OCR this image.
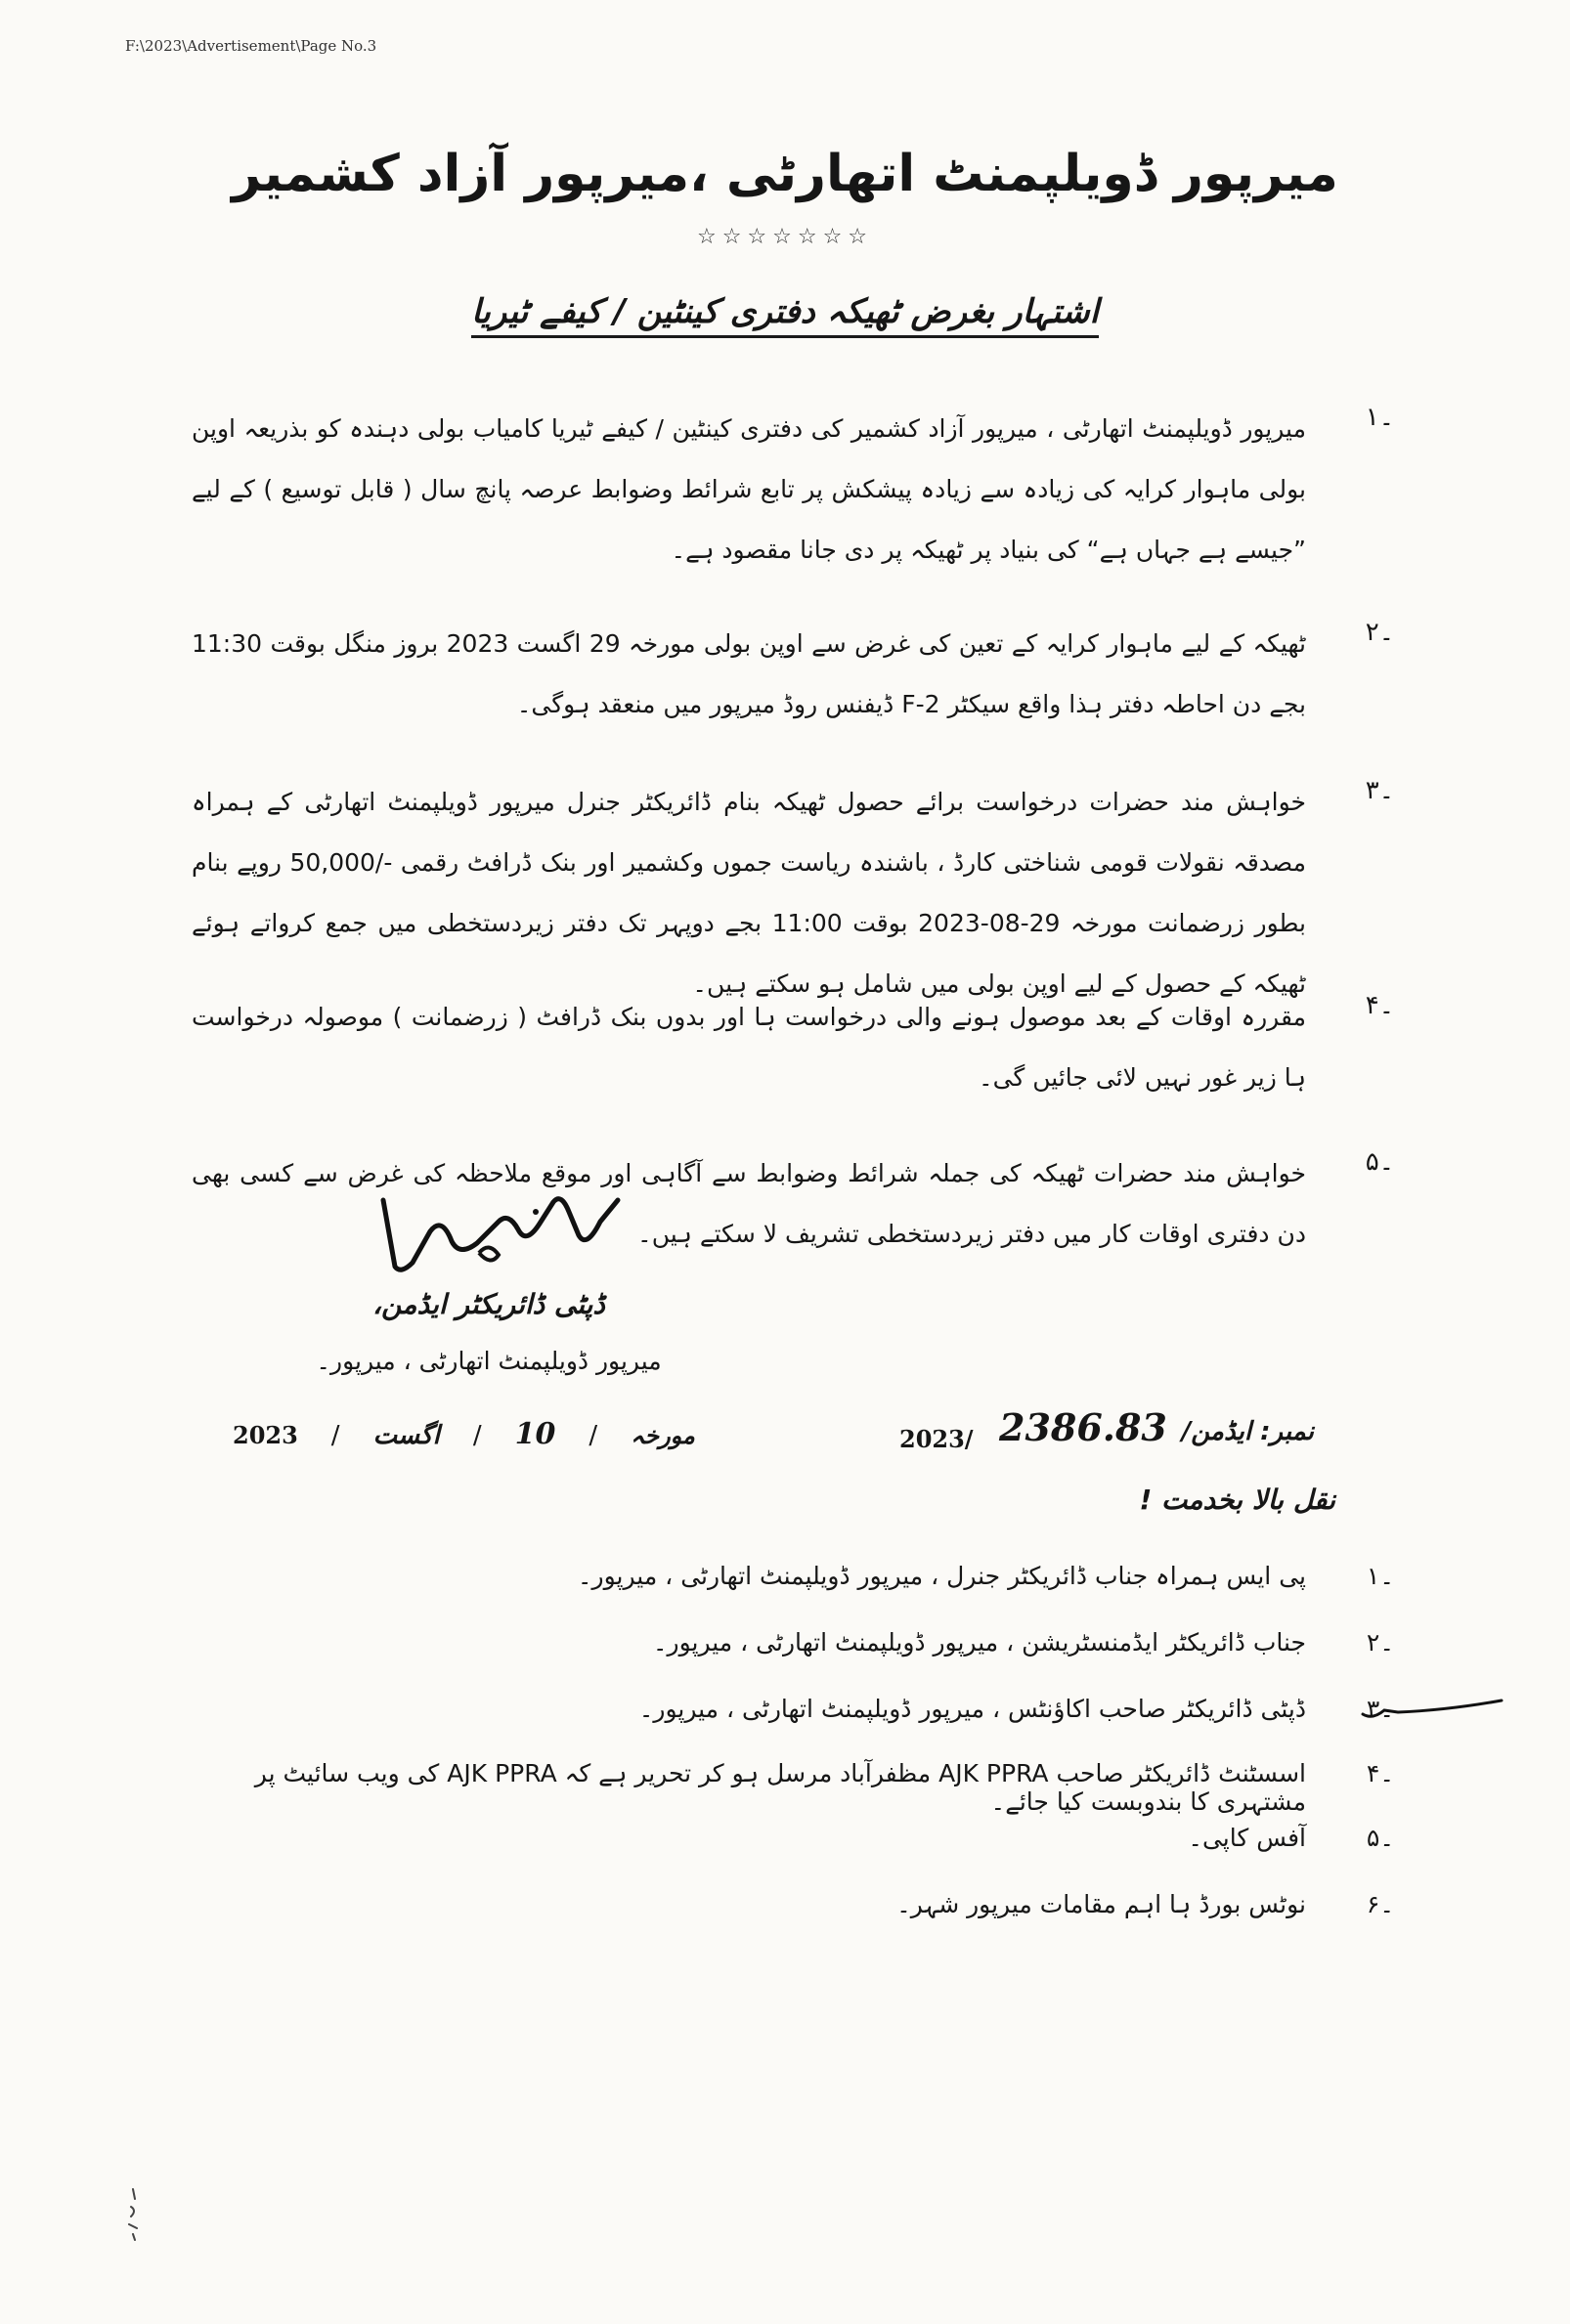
F:\2023\Advertisement\Page No.3
میرپور ڈویلپمنٹ اتھارٹی ،میرپور آزاد کشمیر
☆☆☆☆☆☆☆
اشتہار بغرض ٹھیکہ دفتری کینٹین / کیفے ٹیریا
۱۔
میرپور ڈویلپمنٹ اتھارٹی ، میرپور آزاد کشمیر کی دفتری کینٹین / کیفے ٹیریا کامیاب بولی دہندہ کو بذریعہ اوپن بولی ماہوار کرایہ کی زیادہ سے زیادہ پیشکش پر تابع شرائط وضوابط عرصہ پانچ سال ( قابل توسیع ) کے لیے ”جیسے ہے جہاں ہے“ کی بنیاد پر ٹھیکہ پر دی جانا مقصود ہے۔
۲۔
ٹھیکہ کے لیے ماہوار کرایہ کے تعین کی غرض سے اوپن بولی مورخہ 29 اگست 2023 بروز منگل بوقت 11:30 بجے دن احاطہ دفتر ہذا واقع سیکٹر F-2 ڈیفنس روڈ میرپور میں منعقد ہوگی۔
۳۔
خواہش مند حضرات درخواست برائے حصول ٹھیکہ بنام ڈائریکٹر جنرل میرپور ڈویلپمنٹ اتھارٹی کے ہمراہ مصدقہ نقولات قومی شناختی کارڈ ، باشندہ ریاست جموں وکشمیر اور بنک ڈرافٹ رقمی -/50,000 روپے بنام بطور زرضمانت مورخہ 29-08-2023 بوقت 11:00 بجے دوپہر تک دفتر زیردستخطی میں جمع کرواتے ہوئے ٹھیکہ کے حصول کے لیے اوپن بولی میں شامل ہو سکتے ہیں۔
۴۔
مقررہ اوقات کے بعد موصول ہونے والی درخواست ہا اور بدوں بنک ڈرافٹ ( زرضمانت ) موصولہ درخواست ہا زیر غور نہیں لائی جائیں گی۔
۵۔
خواہش مند حضرات ٹھیکہ کی جملہ شرائط وضوابط سے آگاہی اور موقع ملاحظہ کی غرض سے کسی بھی دن دفتری اوقات کار میں دفتر زیردستخطی تشریف لا سکتے ہیں۔
ڈپٹی ڈائریکٹر ایڈمن،
میرپور ڈویلپمنٹ اتھارٹی ، میرپور۔
نمبر: ایڈمن/
2386.83
2023/
2023 / اگست / 10 / مورخہ
نقل بالا بخدمت !
۱۔
پی ایس ہمراہ جناب ڈائریکٹر جنرل ، میرپور ڈویلپمنٹ اتھارٹی ، میرپور۔
۲۔
جناب ڈائریکٹر ایڈمنسٹریشن ، میرپور ڈویلپمنٹ اتھارٹی ، میرپور۔
۳۔
ڈپٹی ڈائریکٹر صاحب اکاؤنٹس ، میرپور ڈویلپمنٹ اتھارٹی ، میرپور۔
۴۔
اسسٹنٹ ڈائریکٹر صاحب AJK PPRA مظفرآباد مرسل ہو کر تحریر ہے کہ AJK PPRA کی ویب سائیٹ پر مشتہری کا بندوبست کیا جائے۔
۵۔
آفس کاپی۔
۶۔
نوٹس بورڈ ہا اہم مقامات میرپور شہر۔
